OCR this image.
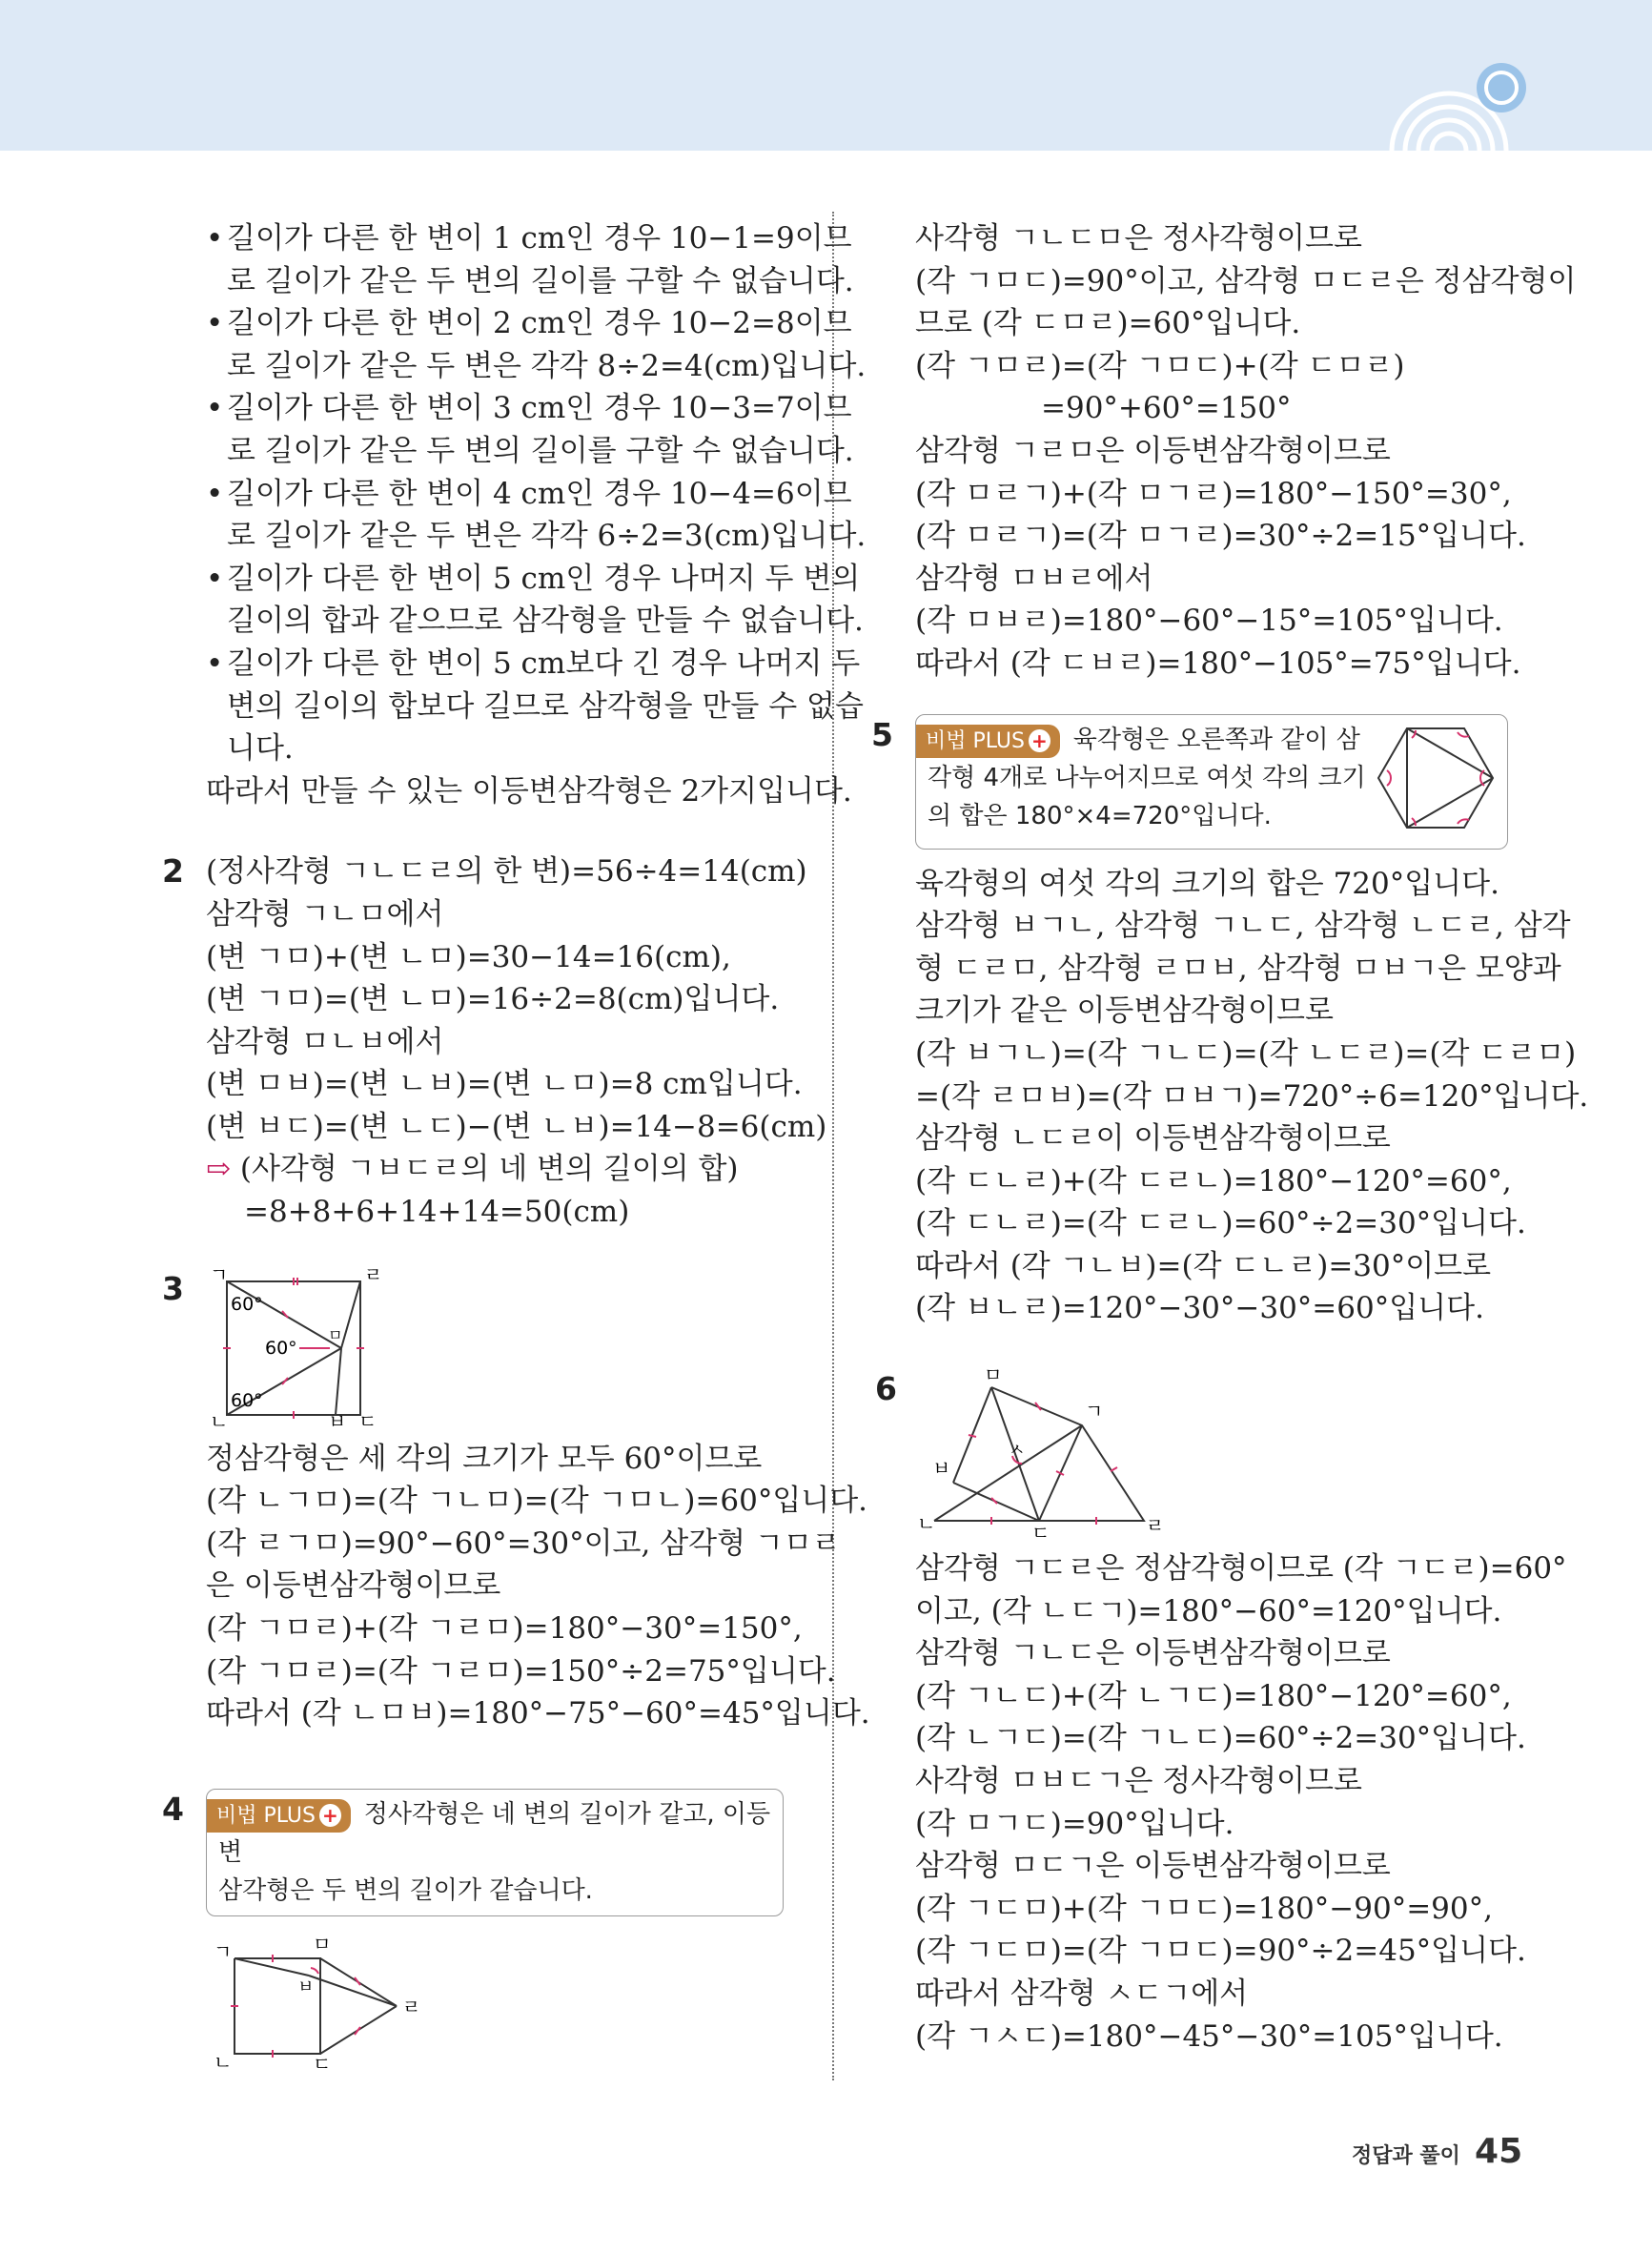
• 길이가 다른 한 변이 1 cm인 경우 10−1=9이므

로 길이가 같은 두 변의 길이를 구할 수 없습니다.

• 길이가 다른 한 변이 2 cm인 경우 10−2=8이므

로 길이가 같은 두 변은 각각 8÷2=4(cm)입니다.

• 길이가 다른 한 변이 3 cm인 경우 10−3=7이므

로 길이가 같은 두 변의 길이를 구할 수 없습니다.

• 길이가 다른 한 변이 4 cm인 경우 10−4=6이므

로 길이가 같은 두 변은 각각 6÷2=3(cm)입니다.

• 길이가 다른 한 변이 5 cm인 경우 나머지 두 변의

길이의 합과 같으므로 삼각형을 만들 수 없습니다.

• 길이가 다른 한 변이 5 cm보다 긴 경우 나머지 두

변의 길이의 합보다 길므로 삼각형을 만들 수 없습

니다.

따라서 만들 수 있는 이등변삼각형은 2가지입니다.

2 (정사각형 ㄱㄴㄷㄹ의 한 변)=56÷4=14(cm)

삼각형 ㄱㄴㅁ에서

(변 ㄱㅁ)+(변 ㄴㅁ)=30−14=16(cm),

(변 ㄱㅁ)=(변 ㄴㅁ)=16÷2=8(cm)입니다.

삼각형 ㅁㄴㅂ에서

(변 ㅁㅂ)=(변 ㄴㅂ)=(변 ㄴㅁ)=8 cm입니다.

(변 ㅂㄷ)=(변 ㄴㄷ)−(변 ㄴㅂ)=14−8=6(cm)

⇨ (사각형 ㄱㅂㄷㄹ의 네 변의 길이의 합)

=8+8+6+14+14=50(cm)

3 ㄱ	ㄹ
ㅁ
ㄴ	ㅂ ㄷ
60°
60°
60°

정삼각형은 세 각의 크기가 모두 60°이므로

(각 ㄴㄱㅁ)=(각 ㄱㄴㅁ)=(각 ㄱㅁㄴ)=60°입니다.

(각 ㄹㄱㅁ)=90°−60°=30°이고, 삼각형 ㄱㅁㄹ

은 이등변삼각형이므로

(각 ㄱㅁㄹ)+(각 ㄱㄹㅁ)=180°−30°=150°,

(각 ㄱㅁㄹ)=(각 ㄱㄹㅁ)=150°÷2=75°입니다.

따라서 (각 ㄴㅁㅂ)=180°−75°−60°=45°입니다.

4	비법 PLUS + 정사각형은 네 변의 길이가 같고, 이등변
삼각형은 두 변의 길이가 같습니다.
ㄱ	ㅁ
ㅂ
ㄹ
ㄴ	ㄷ

사각형 ㄱㄴㄷㅁ은 정사각형이므로

(각 ㄱㅁㄷ)=90°이고, 삼각형 ㅁㄷㄹ은 정삼각형이

므로 (각 ㄷㅁㄹ)=60°입니다.

(각 ㄱㅁㄹ)=(각 ㄱㅁㄷ)+(각 ㄷㅁㄹ)

=90°+60°=150°

삼각형 ㄱㄹㅁ은 이등변삼각형이므로

(각 ㅁㄹㄱ)+(각 ㅁㄱㄹ)=180°−150°=30°,

(각 ㅁㄹㄱ)=(각 ㅁㄱㄹ)=30°÷2=15°입니다.

삼각형 ㅁㅂㄹ에서

(각 ㅁㅂㄹ)=180°−60°−15°=105°입니다.

따라서 (각 ㄷㅂㄹ)=180°−105°=75°입니다.

5	비법 PLUS + 육각형은 오른쪽과 같이 삼
각형 4개로 나누어지므로 여섯 각의 크기
의 합은 180°×4=720°입니다.

육각형의 여섯 각의 크기의 합은 720°입니다.

삼각형 ㅂㄱㄴ, 삼각형 ㄱㄴㄷ, 삼각형 ㄴㄷㄹ, 삼각

형 ㄷㄹㅁ, 삼각형 ㄹㅁㅂ, 삼각형 ㅁㅂㄱ은 모양과

크기가 같은 이등변삼각형이므로

(각 ㅂㄱㄴ)=(각 ㄱㄴㄷ)=(각 ㄴㄷㄹ)=(각 ㄷㄹㅁ)

=(각 ㄹㅁㅂ)=(각 ㅁㅂㄱ)=720°÷6=120°입니다.

삼각형 ㄴㄷㄹ이 이등변삼각형이므로

(각 ㄷㄴㄹ)+(각 ㄷㄹㄴ)=180°−120°=60°,

(각 ㄷㄴㄹ)=(각 ㄷㄹㄴ)=60°÷2=30°입니다.

따라서 (각 ㄱㄴㅂ)=(각 ㄷㄴㄹ)=30°이므로

(각 ㅂㄴㄹ)=120°−30°−30°=60°입니다.

6	ㅁ
ㄱ
ㅅ
ㅂ
ㄴ	ㄷ	ㄹ

삼각형 ㄱㄷㄹ은 정삼각형이므로 (각 ㄱㄷㄹ)=60°

이고, (각 ㄴㄷㄱ)=180°−60°=120°입니다.

삼각형 ㄱㄴㄷ은 이등변삼각형이므로

(각 ㄱㄴㄷ)+(각 ㄴㄱㄷ)=180°−120°=60°,

(각 ㄴㄱㄷ)=(각 ㄱㄴㄷ)=60°÷2=30°입니다.

사각형 ㅁㅂㄷㄱ은 정사각형이므로

(각 ㅁㄱㄷ)=90°입니다.

삼각형 ㅁㄷㄱ은 이등변삼각형이므로

(각 ㄱㄷㅁ)+(각 ㄱㅁㄷ)=180°−90°=90°,

(각 ㄱㄷㅁ)=(각 ㄱㅁㄷ)=90°÷2=45°입니다.

따라서 삼각형 ㅅㄷㄱ에서

(각 ㄱㅅㄷ)=180°−45°−30°=105°입니다.

정답과 풀이 45
